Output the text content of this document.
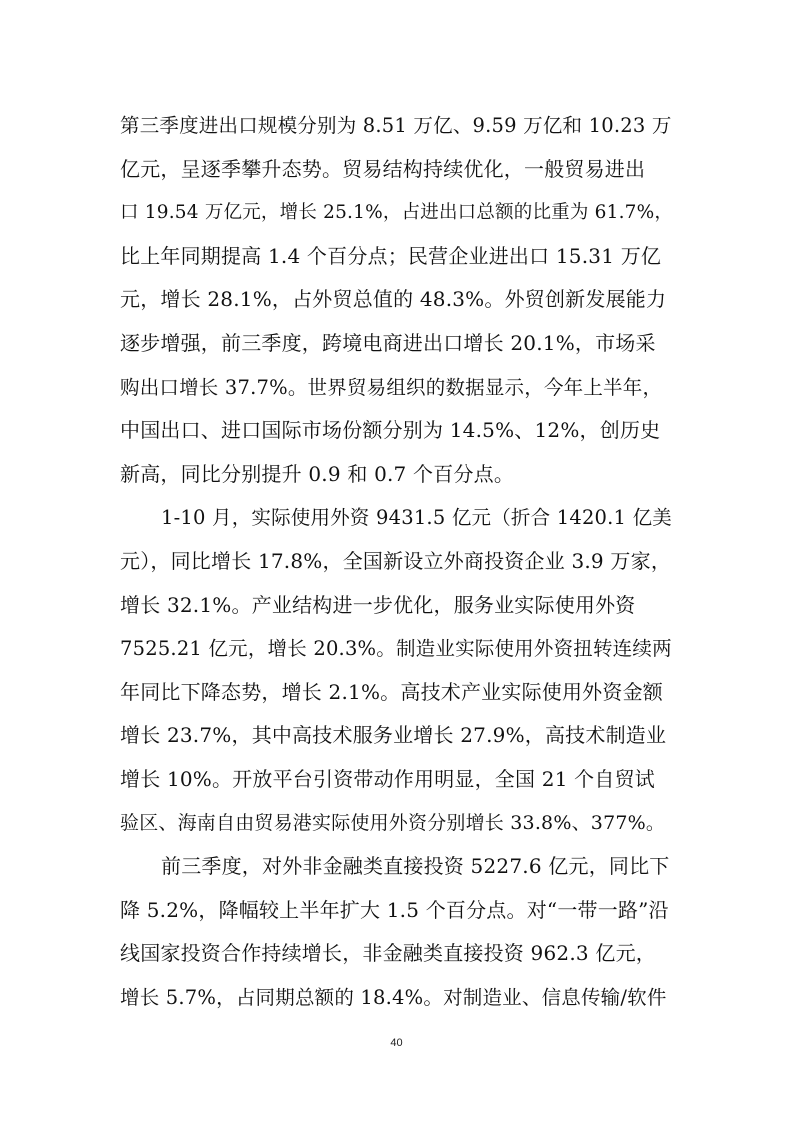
第三季度进出口规模分别为 8.51 万亿、9.59 万亿和 10.23 万
亿元，呈逐季攀升态势。贸易结构持续优化，一般贸易进出
口 19.54 万亿元，增长 25.1%，占进出口总额的比重为 61.7%，
比上年同期提高 1.4 个百分点；民营企业进出口 15.31 万亿
元，增长 28.1%，占外贸总值的 48.3%。外贸创新发展能力
逐步增强，前三季度，跨境电商进出口增长 20.1%，市场采
购出口增长 37.7%。世界贸易组织的数据显示，今年上半年，
中国出口、进口国际市场份额分别为 14.5%、12%，创历史
新高，同比分别提升 0.9 和 0.7 个百分点。
1-10 月，实际使用外资 9431.5 亿元（折合 1420.1 亿美
元），同比增长 17.8%，全国新设立外商投资企业 3.9 万家，
增长 32.1%。产业结构进一步优化，服务业实际使用外资
7525.21 亿元，增长 20.3%。制造业实际使用外资扭转连续两
年同比下降态势，增长 2.1%。高技术产业实际使用外资金额
增长 23.7%，其中高技术服务业增长 27.9%，高技术制造业
增长 10%。开放平台引资带动作用明显，全国 21 个自贸试
验区、海南自由贸易港实际使用外资分别增长 33.8%、377%。
前三季度，对外非金融类直接投资 5227.6 亿元，同比下
降 5.2%，降幅较上半年扩大 1.5 个百分点。对“一带一路”沿
线国家投资合作持续增长，非金融类直接投资 962.3 亿元，
增长 5.7%，占同期总额的 18.4%。对制造业、信息传输/软件
40
